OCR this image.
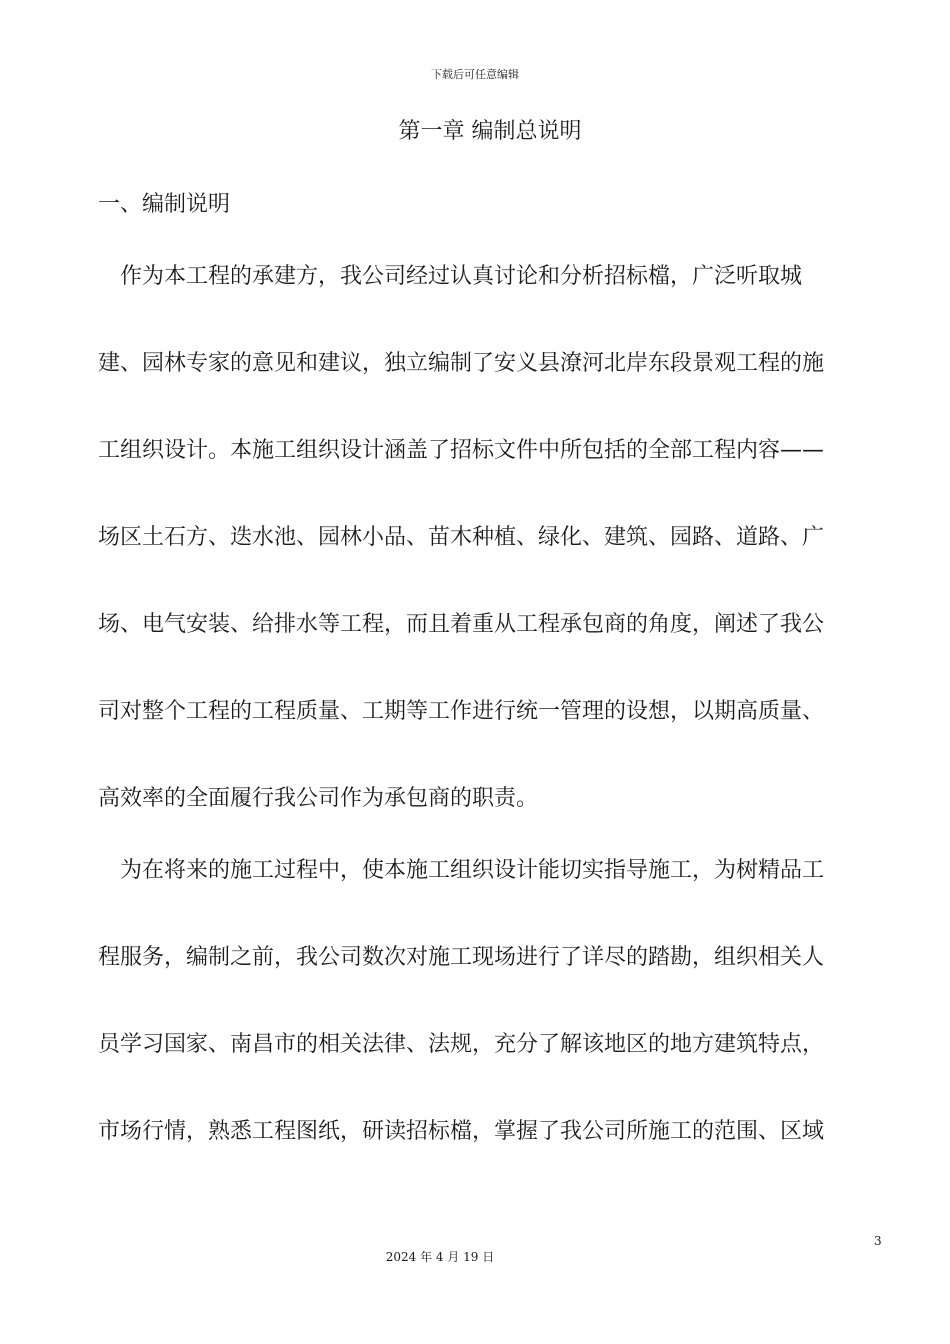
下载后可任意编辑
第一章 编制总说明
一、编制说明
　作为本工程的承建方，我公司经过认真讨论和分析招标檔，广泛听取城
建、园林专家的意见和建议，独立编制了安义县潦河北岸东段景观工程的施
工组织设计。本施工组织设计涵盖了招标文件中所包括的全部工程内容——
场区土石方、迭水池、园林小品、苗木种植、绿化、建筑、园路、道路、广
场、电气安装、给排水等工程，而且着重从工程承包商的角度，阐述了我公
司对整个工程的工程质量、工期等工作进行统一管理的设想，以期高质量、
高效率的全面履行我公司作为承包商的职责。
　为在将来的施工过程中，使本施工组织设计能切实指导施工，为树精品工
程服务，编制之前，我公司数次对施工现场进行了详尽的踏勘，组织相关人
员学习国家、南昌市的相关法律、法规，充分了解该地区的地方建筑特点，
市场行情，熟悉工程图纸，研读招标檔，掌握了我公司所施工的范围、区域
3
2024 年 4 月 19 日
